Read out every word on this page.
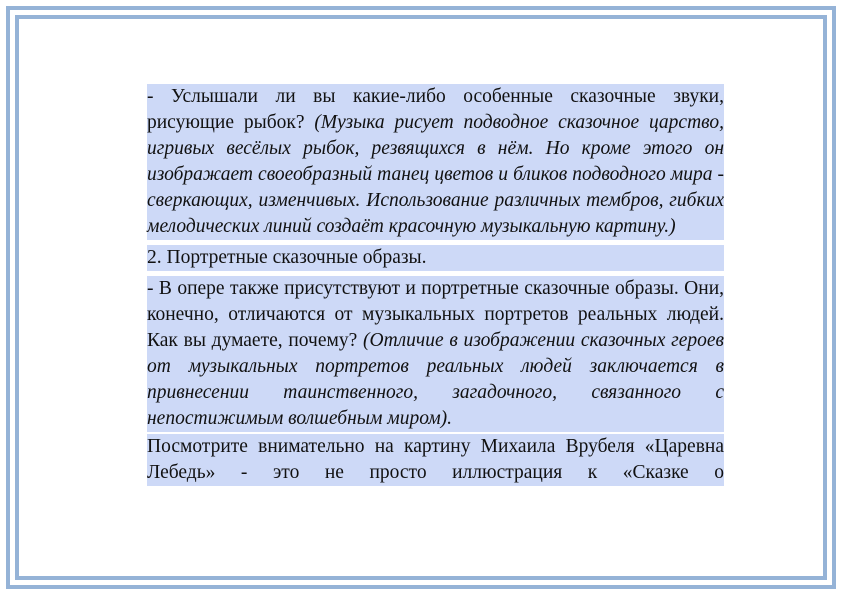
- Услышали ли вы какие-либо особенные сказочные звуки, рисующие рыбок? (Музыка рисует подводное сказочное царство, игривых весёлых рыбок, резвящихся в нём. Но кроме этого он изображает своеобразный танец цветов и бликов подводного мира - сверкающих, изменчивых. Использование различных тембров, гибких мелодических линий создаёт красочную музыкальную картину.)

2. Портретные сказочные образы.

- В опере также присутствуют и портретные сказочные образы. Они, конечно, отличаются от музыкальных портретов реальных людей. Как вы думаете, почему? (Отличие в изображении сказочных героев от музыкальных портретов реальных людей заключается в привнесении таинственного, загадочного, связанного с непостижимым волшебным миром).

Посмотрите внимательно на картину Михаила Врубеля «Царевна Лебедь» - это не просто иллюстрация к «Сказке о
